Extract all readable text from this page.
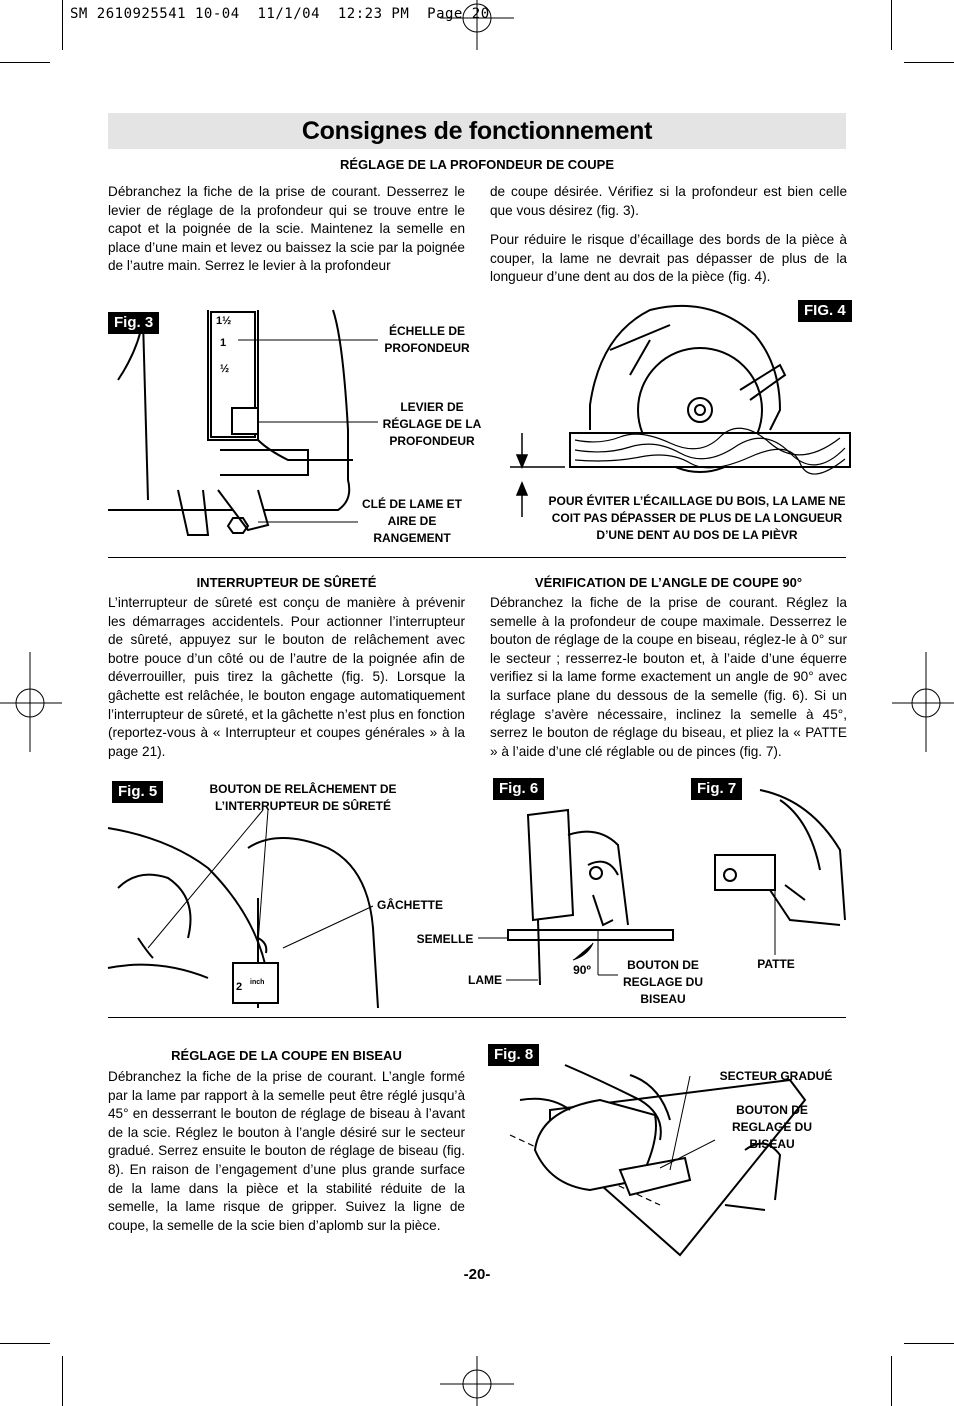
SM 2610925541 10-04  11/1/04  12:23 PM  Page 20
Consignes de fonctionnement
RÉGLAGE DE LA PROFONDEUR DE COUPE
Débranchez la fiche de la prise de courant. Desserrez le levier de réglage de la profondeur qui se trouve entre le capot et la poignée de la scie. Maintenez la semelle en place d’une main et levez ou baissez la scie par la poignée de l’autre main. Serrez le levier à la profondeur
de coupe désirée. Vérifiez si la profondeur est bien celle que vous désirez (fig. 3).
Pour réduire le risque d’écaillage des bords de la pièce à couper, la lame ne devrait pas dépasser de plus de la longueur d’une dent au dos de la pièce (fig. 4).
Fig. 3	1½
1
½
ÉCHELLE DE PROFONDEUR
LEVIER DE RÉGLAGE DE LA PROFONDEUR
CLÉ DE LAME ET AIRE DE RANGEMENT
FIG. 4
POUR ÉVITER L’ÉCAILLAGE DU BOIS, LA LAME NE COIT PAS DÉPASSER DE PLUS DE LA LONGUEUR D’UNE DENT AU DOS DE LA PIÈVR
INTERRUPTEUR DE SÛRETÉ
L’interrupteur de sûreté est conçu de manière à prévenir les démarrages accidentels. Pour actionner l’interrupteur de sûreté, appuyez sur le bouton de relâchement avec botre pouce d’un côté ou de l’autre de la poignée afin de déverrouiller, puis tirez la gâchette (fig. 5). Lorsque la gâchette est relâchée, le bouton engage automatiquement l’interrupteur de sûreté, et la gâchette n’est plus en fonction (reportez-vous à « Interrupteur et coupes générales » à la page 21).
VÉRIFICATION DE L’ANGLE DE COUPE 90°
Débranchez la fiche de la prise de courant. Réglez la semelle à la profondeur de coupe maximale. Desserrez le bouton de réglage de la coupe en biseau, réglez-le à 0° sur le secteur ; resserrez-le bouton et, à l’aide d’une équerre verifiez si la lame forme exactement un angle de 90° avec la surface plane du dessous de la semelle (fig. 6). Si un réglage s’avère nécessaire, inclinez la semelle à 45°, serrez le bouton de réglage du biseau, et pliez la « PATTE » à l’aide d’une clé réglable ou de pinces (fig. 7).
Fig. 5	BOUTON DE RELÂCHEMENT DE L’INTERRUPTEUR DE SÛRETÉ
GÂCHETTE
2 inch
Fig. 6
SEMELLE
LAME
90º	BOUTON DE REGLAGE DU BISEAU
Fig. 7
PATTE
RÉGLAGE DE LA COUPE EN BISEAU
Débranchez la fiche de la prise de courant. L’angle formé par la lame par rapport à la semelle peut être réglé jusqu’à 45° en desserrant le bouton de réglage de biseau à l’avant de la scie. Réglez le bouton à l’angle désiré sur le secteur gradué. Serrez ensuite le bouton de réglage de biseau (fig. 8). En raison de l’engagement d’une plus grande surface de la lame dans la pièce et la stabilité réduite de la semelle, la lame risque de gripper. Suivez la ligne de coupe, la semelle de la scie bien d’aplomb sur la pièce.
Fig. 8
SECTEUR GRADUÉ
BOUTON DE REGLAGE DU BISEAU
-20-
